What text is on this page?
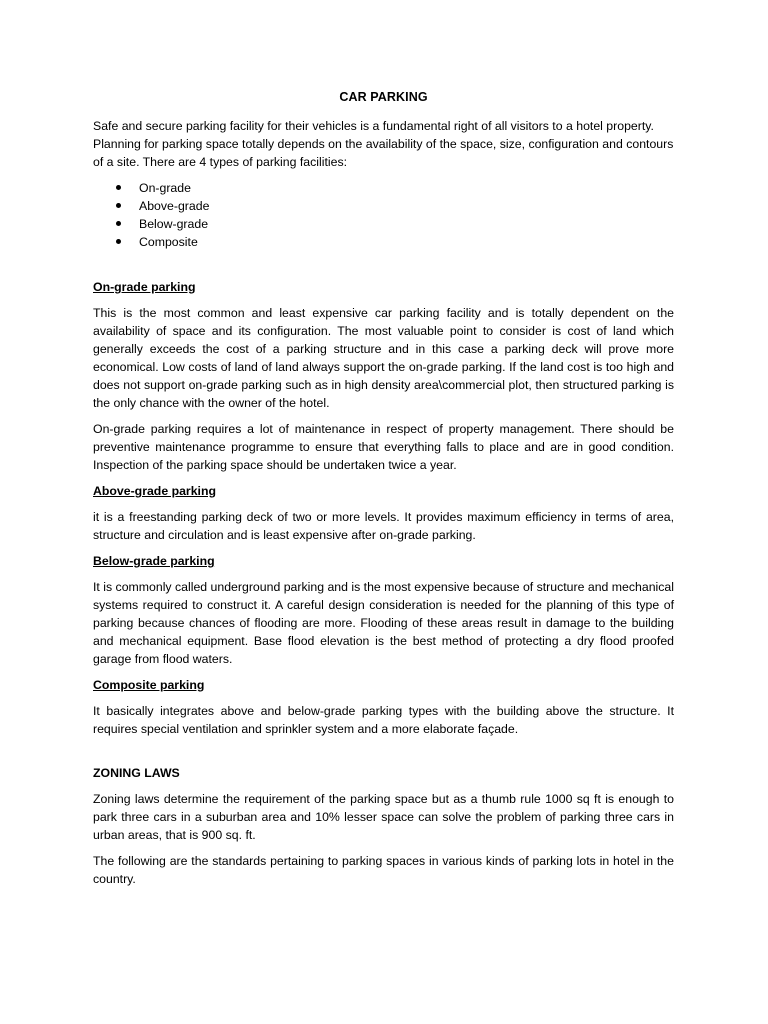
CAR PARKING

Safe and secure parking facility for their vehicles is a fundamental right of all visitors to a hotel property. Planning for parking space totally depends on the availability of the space, size, configuration and contours of a site. There are 4 types of parking facilities:

On-grade
Above-grade
Below-grade
Composite
On-grade parking

This is the most common and least expensive car parking facility and is totally dependent on the availability of space and its configuration. The most valuable point to consider is cost of land which generally exceeds the cost of a parking structure and in this case a parking deck will prove more economical. Low costs of land of land always support the on-grade parking. If the land cost is too high and does not support on-grade parking such as in high density area\commercial plot, then structured parking is the only chance with the owner of the hotel.

On-grade parking requires a lot of maintenance in respect of property management. There should be preventive maintenance programme to ensure that everything falls to place and are in good condition. Inspection of the parking space should be undertaken twice a year.

Above-grade parking

it is a freestanding parking deck of two or more levels. It provides maximum efficiency in terms of area, structure and circulation and is least expensive after on-grade parking.

Below-grade parking

It is commonly called underground parking and is the most expensive because of structure and mechanical systems required to construct it. A careful design consideration is needed for the planning of this type of parking because chances of flooding are more. Flooding of these areas result in damage to the building and mechanical equipment. Base flood elevation is the best method of protecting a dry flood proofed garage from flood waters.

Composite parking

It basically integrates above and below-grade parking types with the building above the structure. It requires special ventilation and sprinkler system and a more elaborate façade.

ZONING LAWS

Zoning laws determine the requirement of the parking space but as a thumb rule 1000 sq ft is enough to park three cars in a suburban area and 10% lesser space can solve the problem of parking three cars in urban areas, that is 900 sq. ft.

The following are the standards pertaining to parking spaces in various kinds of parking lots in hotel in the country.
